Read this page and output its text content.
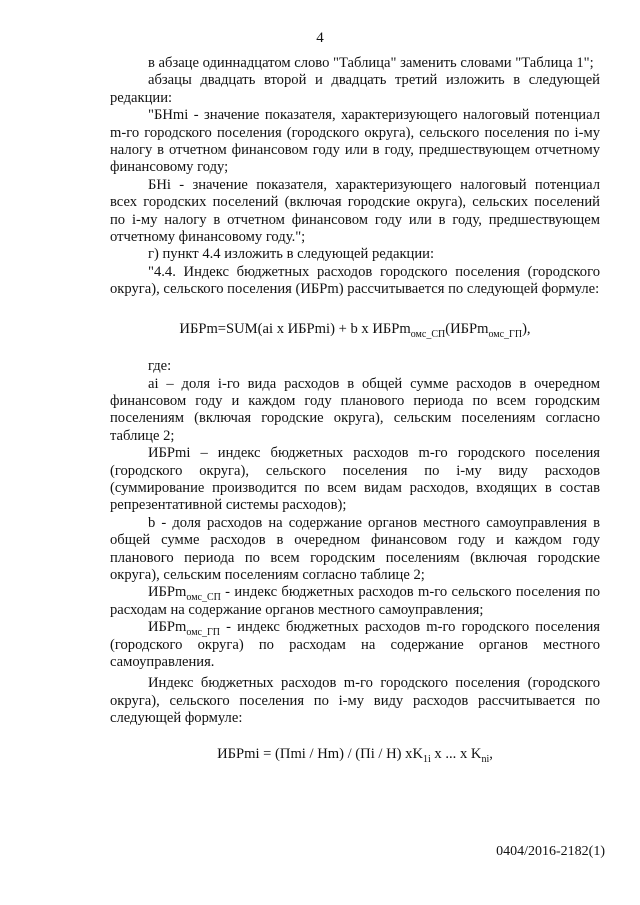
4

в абзаце одиннадцатом слово "Таблица" заменить словами "Таблица 1";

абзацы двадцать второй и двадцать третий изложить в следующей редакции:

"БНmi - значение показателя, характеризующего налоговый потенциал m-го городского поселения (городского округа), сельского поселения по i-му налогу в отчетном финансовом году или в году, предшествующем отчетному финансовому году;

БНi - значение показателя, характеризующего налоговый потенциал всех городских поселений (включая городские округа), сельских поселений по i-му налогу в отчетном финансовом году или в году, предшествующем отчетному финансовому году.";

г) пункт 4.4 изложить в следующей редакции:

"4.4. Индекс бюджетных расходов городского поселения (городского округа), сельского поселения (ИБРm) рассчитывается по следующей формуле:

ИБРm=SUM(ai x ИБРmi) + b x ИБРm$_{омс\_СП}$(ИБРm$_{омс\_ГП}$),

где:

ai – доля i-го вида расходов в общей сумме расходов в очередном финансовом году и каждом году планового периода по всем городским поселениям (включая городские округа), сельским поселениям согласно таблице 2;

ИБРmi – индекс бюджетных расходов m-го городского поселения (городского округа), сельского поселения по i-му виду расходов (суммирование производится по всем видам расходов, входящих в состав репрезентативной системы расходов);

b - доля расходов на содержание органов местного самоуправления в общей сумме расходов в очередном финансовом году и каждом году планового периода по всем городским поселениям (включая городские округа), сельским поселениям согласно таблице 2;

ИБРm$_{омс\_СП}$ - индекс бюджетных расходов m-го сельского поселения по расходам на содержание органов местного самоуправления;

ИБРm$_{омс\_ГП}$ - индекс бюджетных расходов m-го городского поселения (городского округа) по расходам на содержание органов местного самоуправления.

Индекс бюджетных расходов m-го городского поселения (городского округа), сельского поселения по i-му виду расходов рассчитывается по следующей формуле:

ИБРmi = (Пmi / Hm) / (Пi / H) $xK_{1i}$ x ... x $K_{ni}$,

0404/2016-2182(1)
